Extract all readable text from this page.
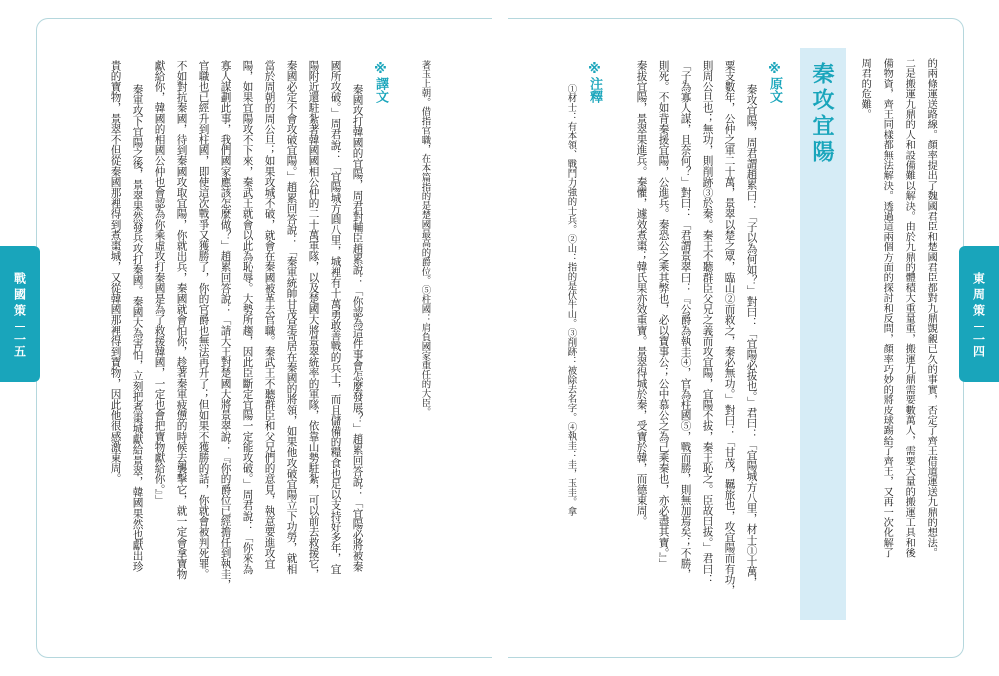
戰國策
一五
東周策
一四
秦攻宜陽
※原文
※注釋
※譯文	的兩條運送路線。顏率提出了魏國君臣和楚國君臣都對九鼎覬覦已久的事實，否定了齊王借道運送九鼎的想法。
二是搬運九鼎的人和設備難以解決。由於九鼎的體積大重量重，搬運九鼎需要數萬人，需要大量的搬運工具和後
備物資，齊王同樣都無法解決。透過這兩個方面的探討和反問，顏率巧妙的將皮球踢給了齊王，又再一次化解了
周君的危難。
秦攻宜陽，周君謂趙累曰：「子以為何如？」對曰：「宜陽必拔也。」君曰：「宜陽城方八里，材士①十萬，
粟支數年，公仲之軍二十萬，景翠以楚之眾，臨山②而救之，秦必無功。」對曰：「甘茂，羈旅也，攻宜陽而有功，
則周公旦也；無功，則削跡③於秦。秦王不聽群臣父兄之義而攻宜陽，宜陽不拔，秦王恥之。臣故曰拔。」君曰：
「子為寡人謀，且奈何？」對曰：「君謂景翠曰：『公爵為執圭④，官為柱國⑤，戰而勝，則無加焉矣；不勝，
則死。不如背秦援宜陽，公進兵。秦恐公之乘其弊也，必以寶事公；公中慕公之為己乘秦也，亦必盡其寶。』」
秦拔宜陽，景翠果進兵。秦懼，遽效煮棗；韓氏果亦效重寶。景翠得城於秦，受寶於韓，而德東周。
①材士：有本領、戰鬥力強的士兵。②山：指的是伏牛山。③削跡：被除去名字。④執圭：圭，玉圭。拿
著玉上朝。借指官職，在本篇指的是楚國最高的爵位。⑤柱國：肩負國家重任的大臣。
秦國攻打韓國的宜陽，周君對輔臣趙累說：「你認為這件事會怎麼發展？」趙累回答說：「宜陽必將被秦
國所攻破。」周君說：「宜陽城方圓八里，城裡有十萬勇敢善戰的兵士，而且儲備的糧食也足以支持好多年，宜
陽附近還駐紮著韓國國相公仲的二十萬軍隊，以及楚國大將景翠統率的軍隊，依靠山勢駐紮，可以前去救援它，
秦國必定不會攻破宜陽。」趙累回答說：「秦軍統帥甘茂是寄居在秦國的將領，如果他攻破宜陽立下功勞，就相
當於周朝的周公旦；如果攻城不破，就會在秦國被革去官職。秦武王不聽群臣和父兄們的意見，執意要進攻宜
陽，如果宜陽攻不下來，秦武王就會以此為恥辱。大勢所趨，因此臣斷定宜陽一定能攻破。」周君說：「你來為
寡人謀劃此事，我們國家應該怎麼做？」趙累回答說：「請大王對楚國大將景翠說：『你的爵位已經擔任到執圭，
官職也已經升到柱國，即使這次戰爭又獲勝了，你的官爵也無法再升了；但如果不獲勝的話，你就會被判死罪。
不如對抗秦國，待到秦國攻取宜陽，你就出兵，秦國就會怕你，趁著秦軍疲憊的時候去襲擊它，就一定會拿寶物
獻給你，韓國的相國公仲也會認為你乘虛攻打秦國是為了救援韓國，一定也會把寶物獻給你。』」
秦軍攻下宜陽之後，景翠果然發兵攻打秦國。秦國大為害怕，立刻把煮棗城獻給景翠，韓國果然也獻出珍
貴的寶物，景翠不但從秦國那裡得到煮棗城，又從韓國那裡得到寶物，因此他很感激東周。
